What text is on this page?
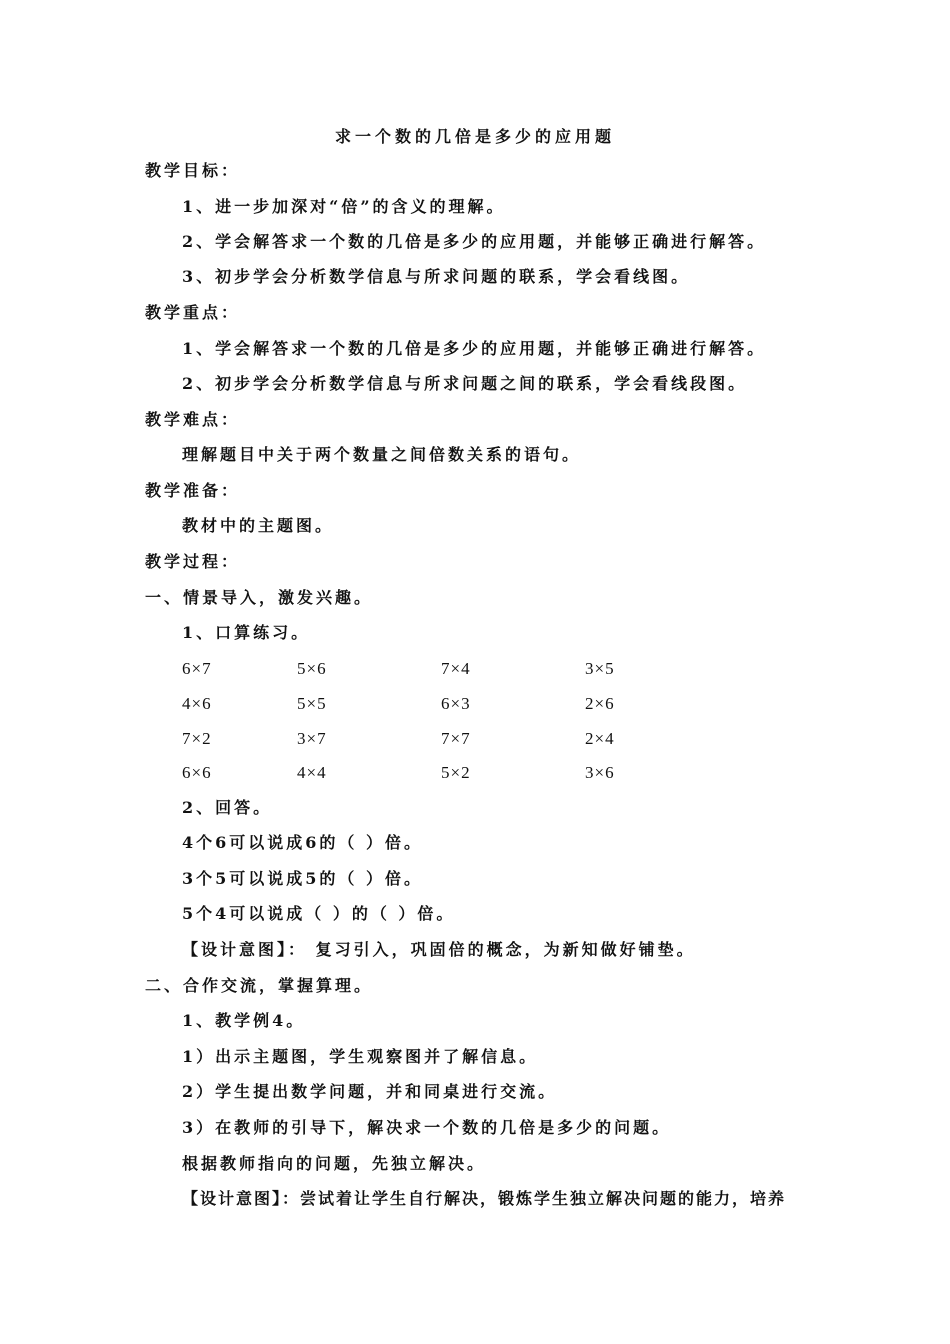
求一个数的几倍是多少的应用题
教学目标：
1、进一步加深对“倍”的含义的理解。
2、学会解答求一个数的几倍是多少的应用题，并能够正确进行解答。
3、初步学会分析数学信息与所求问题的联系，学会看线图。
教学重点：
1、学会解答求一个数的几倍是多少的应用题，并能够正确进行解答。
2、初步学会分析数学信息与所求问题之间的联系，学会看线段图。
教学难点：
理解题目中关于两个数量之间倍数关系的语句。
教学准备：
教材中的主题图。
教学过程：
一、情景导入，激发兴趣。
1、口算练习。
6×7	5×6	7×4	3×5
4×6	5×5	6×3	2×6
7×2	3×7	7×7	2×4
6×6	4×4	5×2	3×6
2、回答。
4个6可以说成6的（ ）倍。
3个5可以说成5的（ ）倍。
5个4可以说成（ ）的（ ）倍。
【设计意图】： 复习引入，巩固倍的概念，为新知做好铺垫。
二、合作交流，掌握算理。
1、教学例4。
1）出示主题图，学生观察图并了解信息。
2）学生提出数学问题，并和同桌进行交流。
3）在教师的引导下，解决求一个数的几倍是多少的问题。
根据教师指向的问题，先独立解决。
【设计意图】：尝试着让学生自行解决，锻炼学生独立解决问题的能力，培养
